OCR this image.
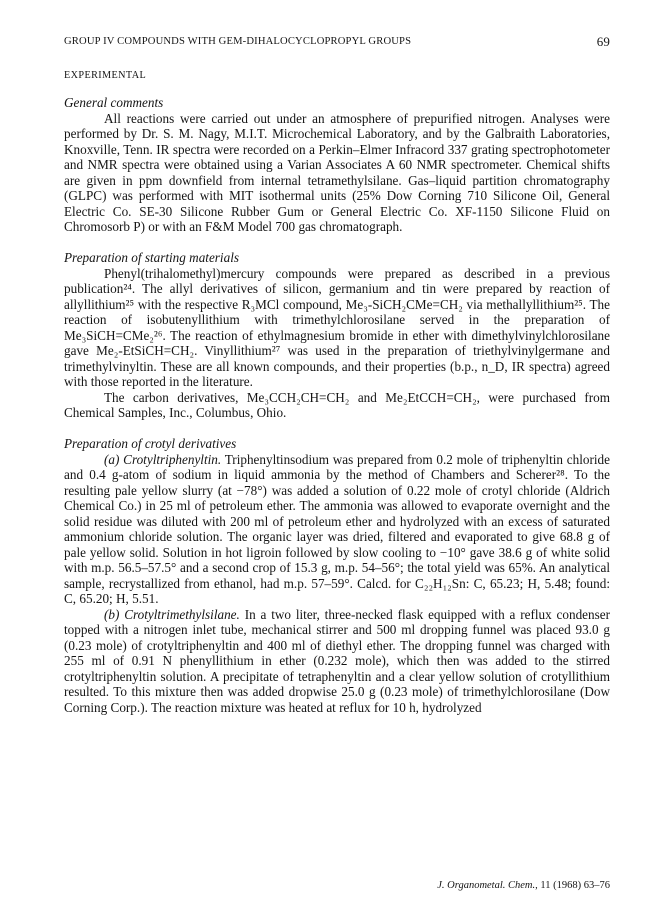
GROUP IV COMPOUNDS WITH GEM-DIHALOCYCLOPROPYL GROUPS	69
EXPERIMENTAL

General comments

All reactions were carried out under an atmosphere of prepurified nitrogen. Analyses were performed by Dr. S. M. Nagy, M.I.T. Microchemical Laboratory, and by the Galbraith Laboratories, Knoxville, Tenn. IR spectra were recorded on a Perkin–Elmer Infracord 337 grating spectrophotometer and NMR spectra were obtained using a Varian Associates A 60 NMR spectrometer. Chemical shifts are given in ppm downfield from internal tetramethylsilane. Gas–liquid partition chromatography (GLPC) was performed with MIT isothermal units (25% Dow Corning 710 Silicone Oil, General Electric Co. SE-30 Silicone Rubber Gum or General Electric Co. XF-1150 Silicone Fluid on Chromosorb P) or with an F&M Model 700 gas chromatograph.

Preparation of starting materials

Phenyl(trihalomethyl)mercury compounds were prepared as described in a previous publication²⁴. The allyl derivatives of silicon, germanium and tin were prepared by reaction of allyllithium²⁵ with the respective R₃MCl compound, Me₃-SiCH₂CMe=CH₂ via methallyllithium²⁵. The reaction of isobutenyllithium with trimethylchlorosilane served in the preparation of Me₃SiCH=CMe₂²⁶. The reaction of ethylmagnesium bromide in ether with dimethylvinylchlorosilane gave Me₂-EtSiCH=CH₂. Vinyllithium²⁷ was used in the preparation of triethylvinylgermane and trimethylvinyltin. These are all known compounds, and their properties (b.p., n_D, IR spectra) agreed with those reported in the literature.

The carbon derivatives, Me₃CCH₂CH=CH₂ and Me₂EtCCH=CH₂, were purchased from Chemical Samples, Inc., Columbus, Ohio.

Preparation of crotyl derivatives

(a) Crotyltriphenyltin. Triphenyltinsodium was prepared from 0.2 mole of triphenyltin chloride and 0.4 g-atom of sodium in liquid ammonia by the method of Chambers and Scherer²⁸. To the resulting pale yellow slurry (at −78°) was added a solution of 0.22 mole of crotyl chloride (Aldrich Chemical Co.) in 25 ml of petroleum ether. The ammonia was allowed to evaporate overnight and the solid residue was diluted with 200 ml of petroleum ether and hydrolyzed with an excess of saturated ammonium chloride solution. The organic layer was dried, filtered and evaporated to give 68.8 g of pale yellow solid. Solution in hot ligroin followed by slow cooling to −10° gave 38.6 g of white solid with m.p. 56.5–57.5° and a second crop of 15.3 g, m.p. 54–56°; the total yield was 65%. An analytical sample, recrystallized from ethanol, had m.p. 57–59°. Calcd. for C₂₂H₁₂Sn: C, 65.23; H, 5.48; found: C, 65.20; H, 5.51.

(b) Crotyltrimethylsilane. In a two liter, three-necked flask equipped with a reflux condenser topped with a nitrogen inlet tube, mechanical stirrer and 500 ml dropping funnel was placed 93.0 g (0.23 mole) of crotyltriphenyltin and 400 ml of diethyl ether. The dropping funnel was charged with 255 ml of 0.91 N phenyllithium in ether (0.232 mole), which then was added to the stirred crotyltriphenyltin solution. A precipitate of tetraphenyltin and a clear yellow solution of crotyllithium resulted. To this mixture then was added dropwise 25.0 g (0.23 mole) of trimethylchlorosilane (Dow Corning Corp.). The reaction mixture was heated at reflux for 10 h, hydrolyzed

J. Organometal. Chem., 11 (1968) 63–76
